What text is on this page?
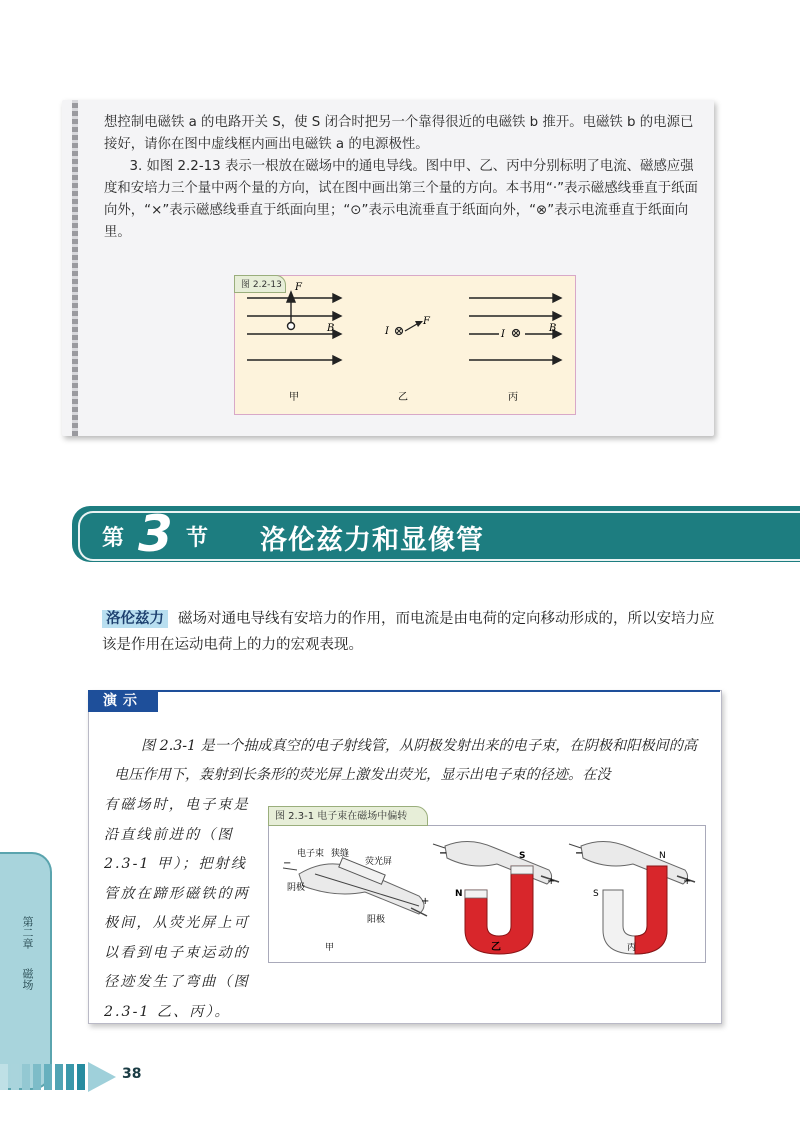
想控制电磁铁 a 的电路开关 S，使 S 闭合时把另一个靠得很近的电磁铁 b 推开。电磁铁 b 的电源已接好，请你在图中虚线框内画出电磁铁 a 的电源极性。

3. 如图 2.2-13 表示一根放在磁场中的通电导线。图中甲、乙、丙中分别标明了电流、磁感应强度和安培力三个量中两个量的方向，试在图中画出第三个量的方向。本书用“·”表示磁感线垂直于纸面向外，“×”表示磁感线垂直于纸面向里；“⊙”表示电流垂直于纸面向外，“⊗”表示电流垂直于纸面向里。

F
B	I
F
I
B
甲	乙	丙
图 2.2-13
第 3 节 洛伦兹力和显像管
洛伦兹力 磁场对通电导线有安培力的作用，而电流是由电荷的定向移动形成的，所以安培力应该是作用在运动电荷上的力的宏观表现。
演示

图 2.3-1 是一个抽成真空的电子射线管，从阴极发射出来的电子束，在阴极和阳极间的高电压作用下，轰射到长条形的荧光屏上激发出荧光，显示出电子束的径迹。在没

有磁场时，电子束是沿直线前进的（图 2.3-1 甲）；把射线管放在蹄形磁铁的两极间，从荧光屏上可以看到电子束运动的径迹发生了弯曲（图 2.3-1 乙、丙）。
电子束 狭缝
荧光屏
阴极
阳极
−
+
−	S
N
+
−	N
S
+
甲	乙	丙
图 2.3-1 电子束在磁场中偏转
第二章
磁场
38
